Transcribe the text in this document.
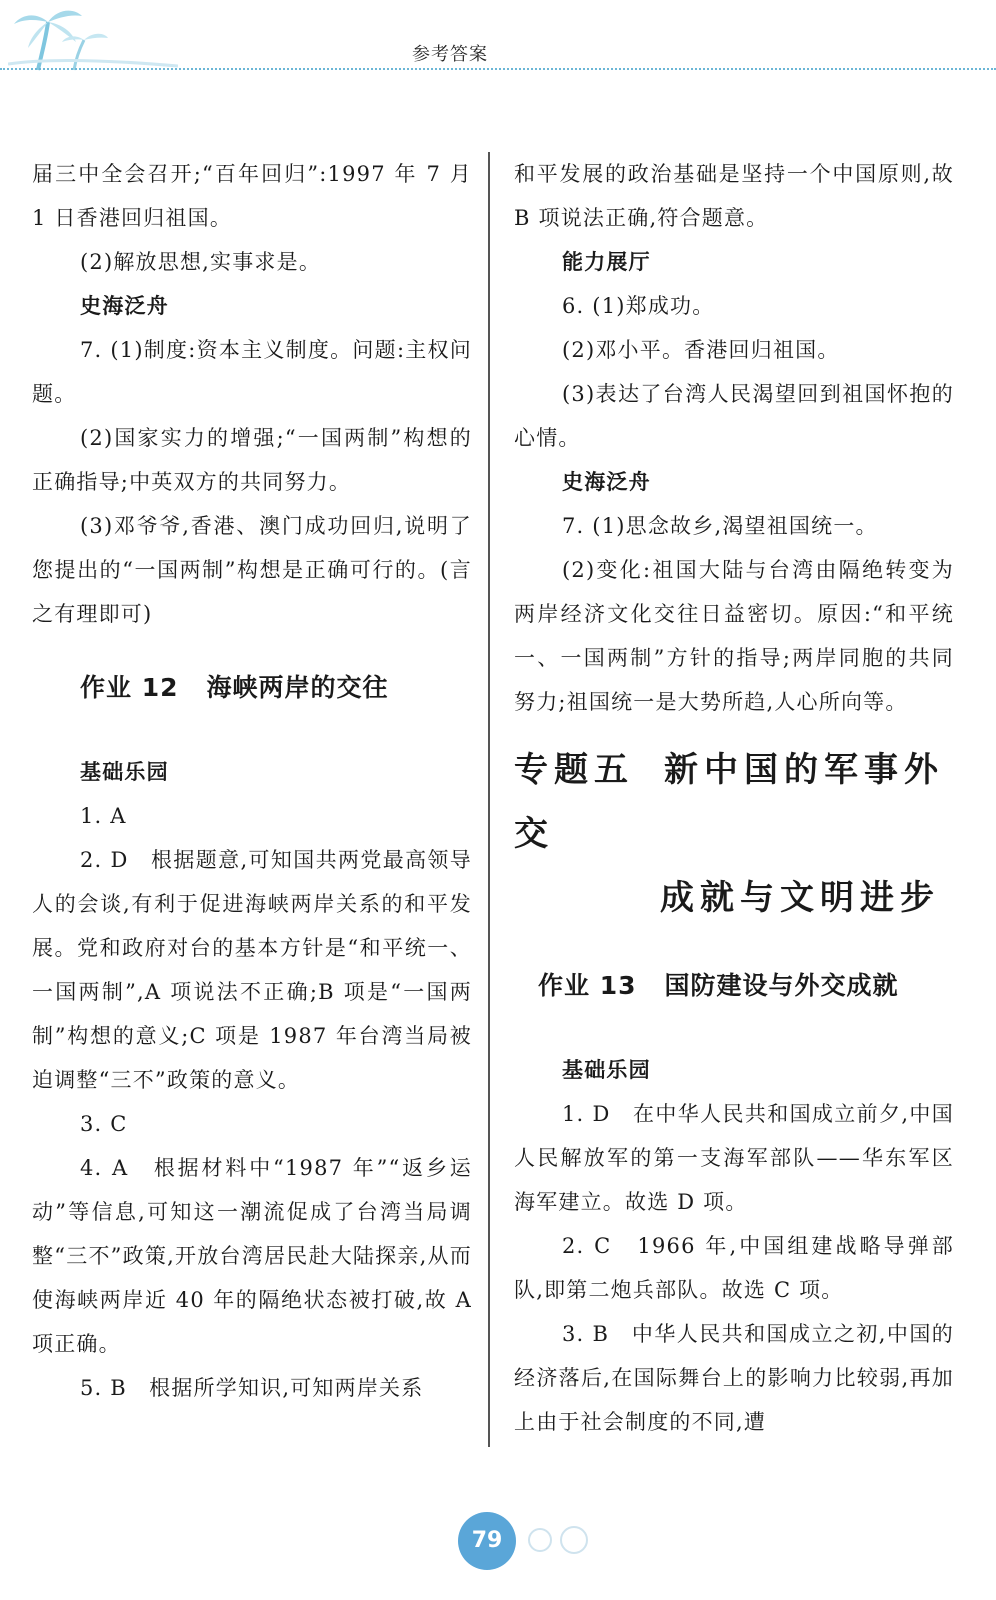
参考答案

届三中全会召开;“百年回归”:1997 年 7 月 1 日香港回归祖国。

(2)解放思想,实事求是。

史海泛舟

7. (1)制度:资本主义制度。问题:主权问题。

(2)国家实力的增强;“一国两制”构想的正确指导;中英双方的共同努力。

(3)邓爷爷,香港、澳门成功回归,说明了您提出的“一国两制”构想是正确可行的。(言之有理即可)

作业 12 海峡两岸的交往

基础乐园

1. A

2. D　根据题意,可知国共两党最高领导人的会谈,有利于促进海峡两岸关系的和平发展。党和政府对台的基本方针是“和平统一、一国两制”,A 项说法不正确;B 项是“一国两制”构想的意义;C 项是 1987 年台湾当局被迫调整“三不”政策的意义。

3. C

4. A　根据材料中“1987 年”“返乡运动”等信息,可知这一潮流促成了台湾当局调整“三不”政策,开放台湾居民赴大陆探亲,从而使海峡两岸近 40 年的隔绝状态被打破,故 A 项正确。

5. B　根据所学知识,可知两岸关系

和平发展的政治基础是坚持一个中国原则,故 B 项说法正确,符合题意。

能力展厅

6. (1)郑成功。

(2)邓小平。香港回归祖国。

(3)表达了台湾人民渴望回到祖国怀抱的心情。

史海泛舟

7. (1)思念故乡,渴望祖国统一。

(2)变化:祖国大陆与台湾由隔绝转变为两岸经济文化交往日益密切。原因:“和平统一、一国两制”方针的指导;两岸同胞的共同努力;祖国统一是大势所趋,人心所向等。

专题五 新中国的军事外交

成就与文明进步

作业 13 国防建设与外交成就

基础乐园

1. D　在中华人民共和国成立前夕,中国人民解放军的第一支海军部队——华东军区海军建立。故选 D 项。

2. C　1966 年,中国组建战略导弹部队,即第二炮兵部队。故选 C 项。

3. B　中华人民共和国成立之初,中国的经济落后,在国际舞台上的影响力比较弱,再加上由于社会制度的不同,遭

79
